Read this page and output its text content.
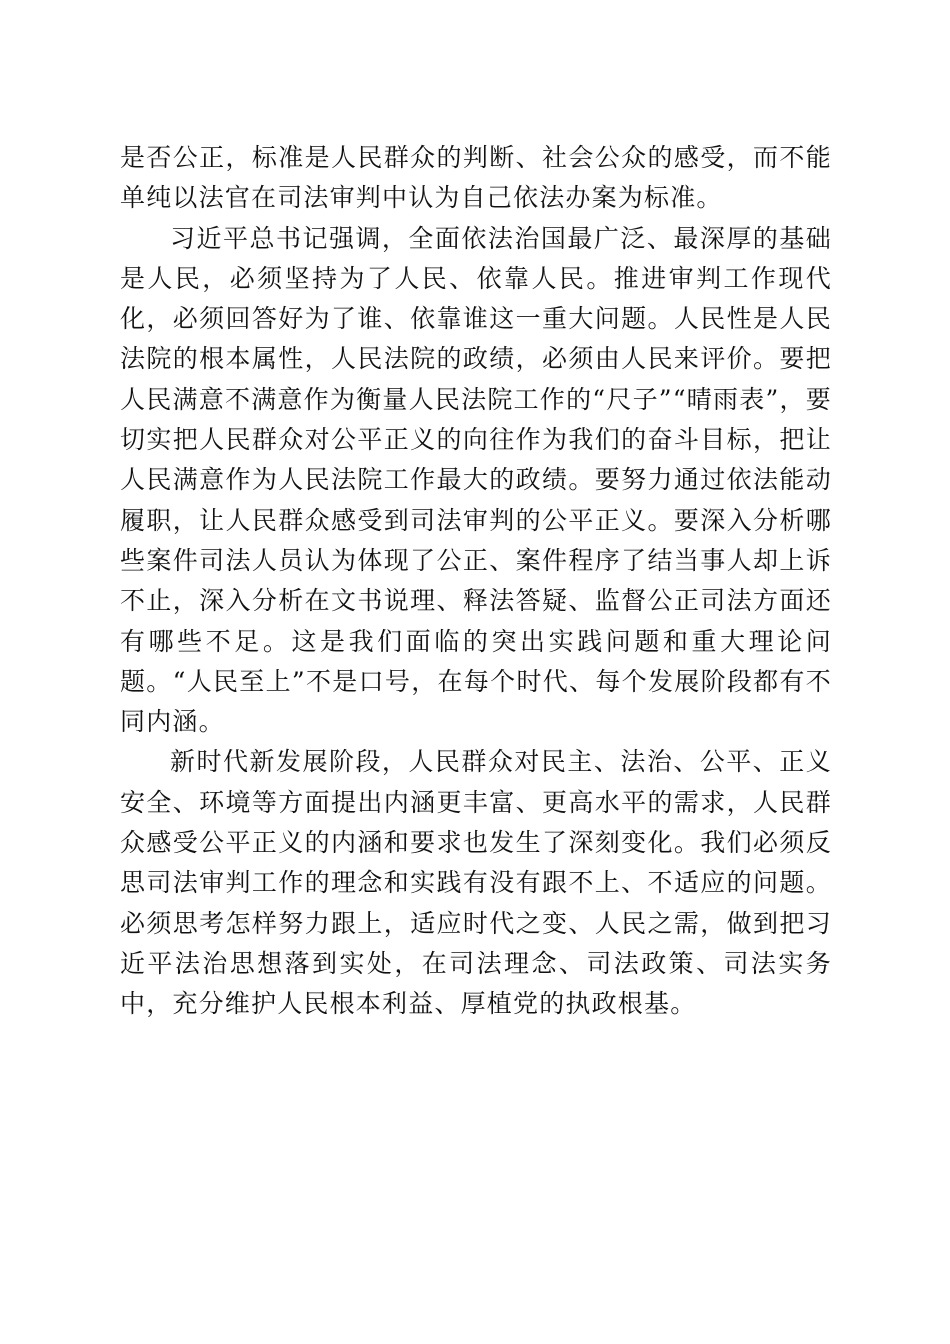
是否公正，标准是人民群众的判断、社会公众的感受，而不能单纯以法官在司法审判中认为自己依法办案为标准。

习近平总书记强调，全面依法治国最广泛、最深厚的基础是人民，必须坚持为了人民、依靠人民。推进审判工作现代化，必须回答好为了谁、依靠谁这一重大问题。人民性是人民法院的根本属性，人民法院的政绩，必须由人民来评价。要把人民满意不满意作为衡量人民法院工作的“尺子”“晴雨表”，要切实把人民群众对公平正义的向往作为我们的奋斗目标，把让人民满意作为人民法院工作最大的政绩。要努力通过依法能动履职，让人民群众感受到司法审判的公平正义。要深入分析哪些案件司法人员认为体现了公正、案件程序了结当事人却上诉不止，深入分析在文书说理、释法答疑、监督公正司法方面还有哪些不足。这是我们面临的突出实践问题和重大理论问题。“人民至上”不是口号，在每个时代、每个发展阶段都有不同内涵。

新时代新发展阶段，人民群众对民主、法治、公平、正义安全、环境等方面提出内涵更丰富、更高水平的需求，人民群众感受公平正义的内涵和要求也发生了深刻变化。我们必须反思司法审判工作的理念和实践有没有跟不上、不适应的问题。必须思考怎样努力跟上，适应时代之变、人民之需，做到把习近平法治思想落到实处，在司法理念、司法政策、司法实务中，充分维护人民根本利益、厚植党的执政根基。
